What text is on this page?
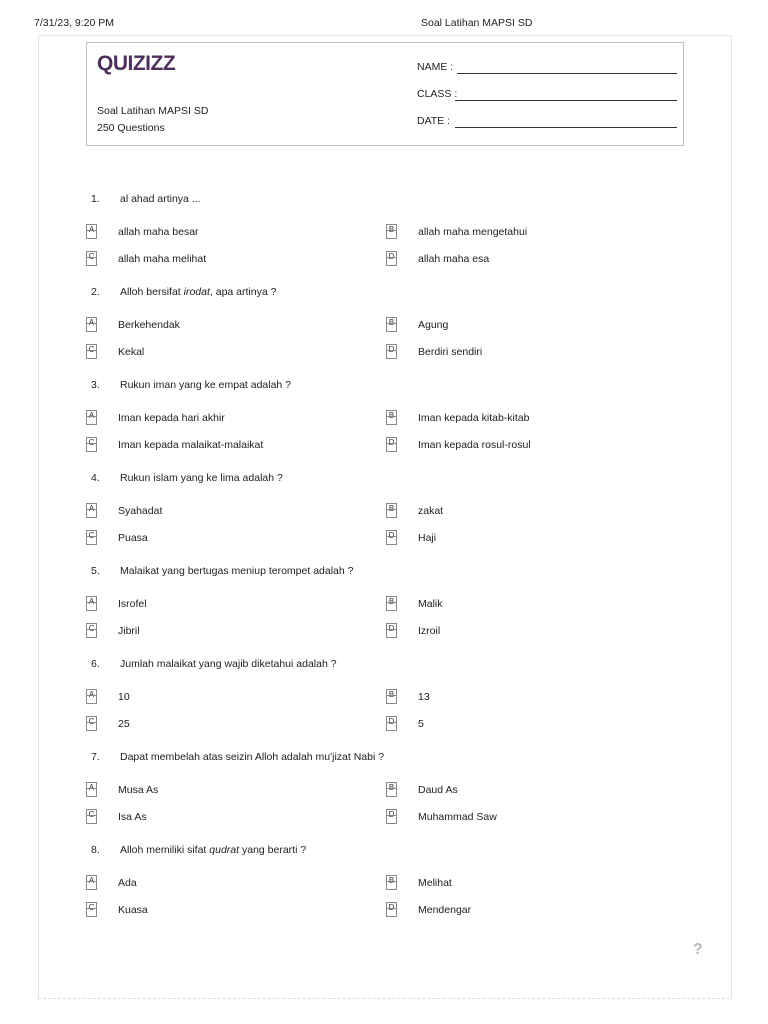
7/31/23, 9:20 PM	Soal Latihan MAPSI SD
QUIZIZZ
Soal Latihan MAPSI SD
250 Questions
NAME :
CLASS :
DATE :
1. al ahad artinya ...
A allah maha besar	B allah maha mengetahui
C allah maha melihat	D allah maha esa
2. Alloh bersifat irodat, apa artinya ?
A Berkehendak	B Agung
C Kekal	D Berdiri sendiri
3. Rukun iman yang ke empat adalah ?
A Iman kepada hari akhir	B Iman kepada kitab-kitab
C Iman kepada malaikat-malaikat	D Iman kepada rosul-rosul
4. Rukun islam yang ke lima adalah ?
A Syahadat	B zakat
C Puasa	D Haji
5. Malaikat yang bertugas meniup terompet adalah ?
A Isrofel	B Malik
C Jibril	D Izroil
6. Jumlah malaikat yang wajib diketahui adalah ?
A 10	B 13
C 25	D 5
7. Dapat membelah atas seizin Alloh adalah mu'jizat Nabi ?
A Musa As	B Daud As
C Isa As	D Muhammad Saw
8. Alloh memiliki sifat qudrat yang berarti ?
A Ada	B Melihat
C Kuasa	D Mendengar
?
